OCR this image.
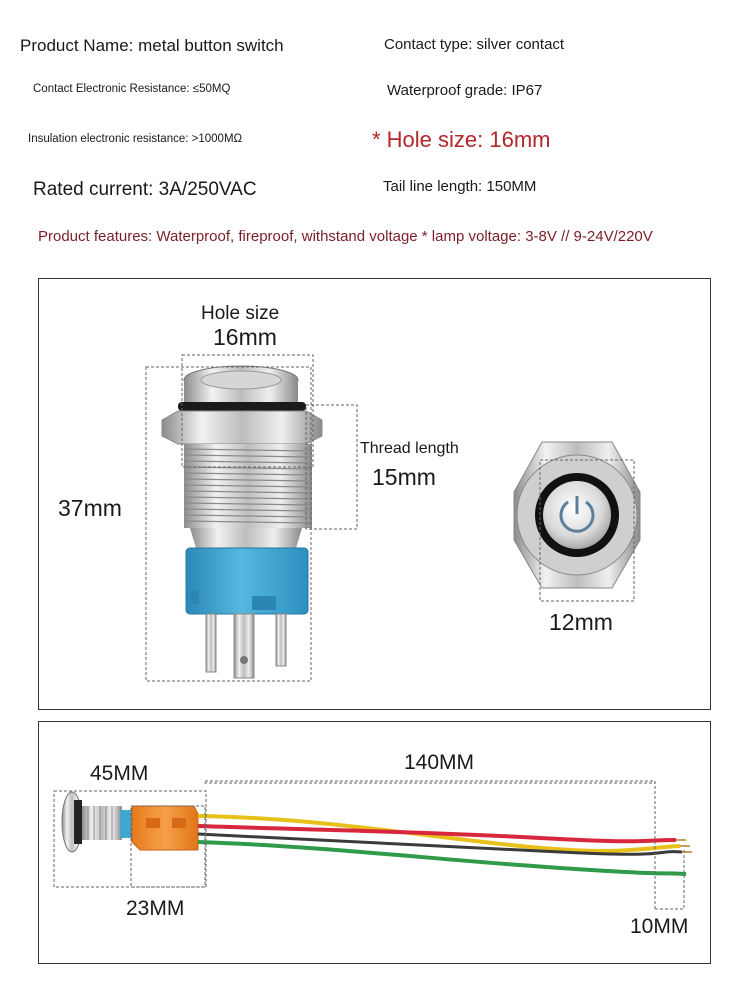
Product Name: metal button switch	Contact type: silver contact
Contact Electronic Resistance: ≤50MQ	Waterproof grade: IP67
Insulation electronic resistance: >1000MΩ	* Hole size: 16mm
Rated current: 3A/250VAC	Tail line length: 150MM
Product features: Waterproof, fireproof, withstand voltage * lamp voltage: 3-8V // 9-24V/220V
Hole size
16mm
Thread length
15mm
37mm
12mm
45MM	140MM
23MM
10MM
